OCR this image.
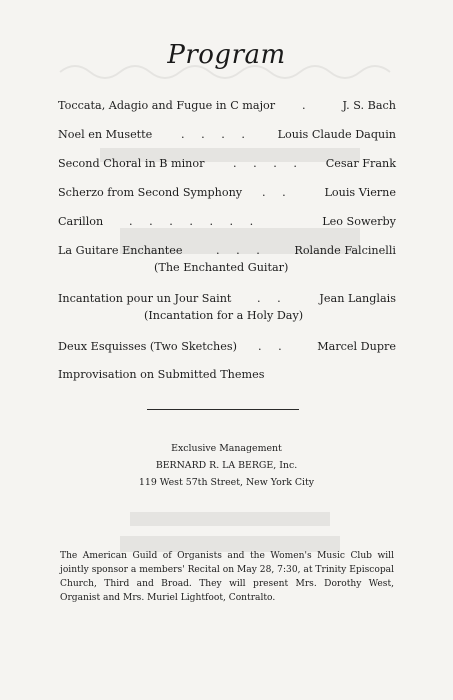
Program
Toccata, Adagio and Fugue in C major .	J. S. Bach
Noel en Musette	. . . .	Louis Claude Daquin
Second Choral in B minor	. . . .	Cesar Frank
Scherzo from Second Symphony . .	Louis Vierne
Carillon . . . . . . .	Leo Sowerby
La Guitare Enchantee	. . .	Rolande Falcinelli
(The Enchanted Guitar)
Incantation pour un Jour Saint . .	Jean Langlais
(Incantation for a Holy Day)
Deux Esquisses (Two Sketches) . .	Marcel Dupre
Improvisation on Submitted Themes
Exclusive Management
BERNARD R. LA BERGE, Inc.
119 West 57th Street, New York City
The American Guild of Organists and the Women's Music Club will jointly sponsor a members' Recital on May 28, 7:30, at Trinity Episcopal Church, Third and Broad. They will present Mrs. Dorothy West, Organist and Mrs. Muriel Lightfoot, Contralto.
